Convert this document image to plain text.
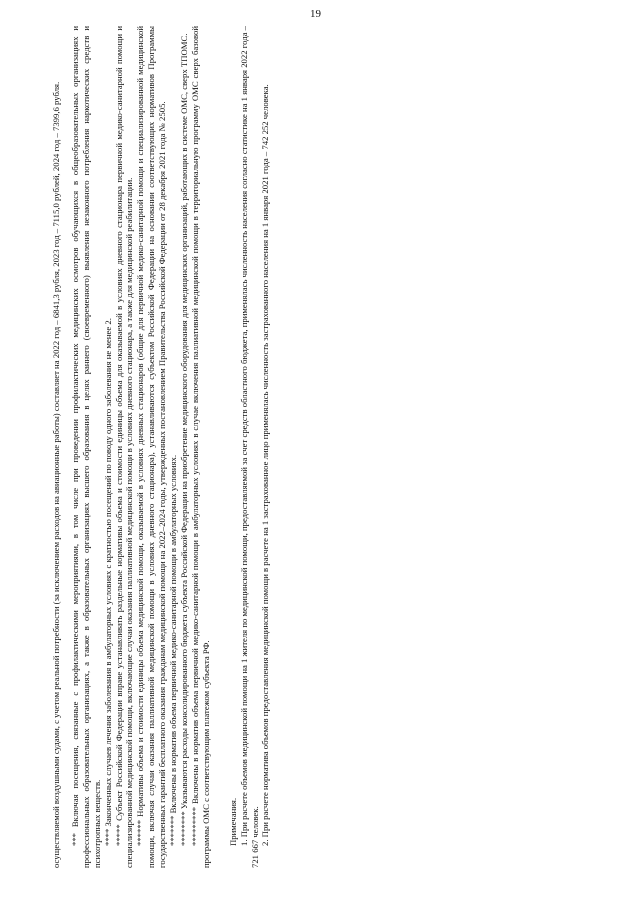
19

осуществляемой воздушными судами, с учетом реальной потребности (за исключением расходов на авиационные работы) составляет на 2022 год – 6841,3 рубля, 2023 год – 7115,0 рублей, 2024 год – 7399,6 рубля. *** Включая посещения, связанные с профилактическими мероприятиями, в том числе при проведении профилактических медицинских осмотров обучающихся в общеобразовательных организациях и профессиональных образовательных организациях, а также в образовательных организациях высшего образования в целях раннего (своевременного) выявления незаконного потребления наркотических средств и психотропных веществ. **** Законченных случаев лечения заболевания в амбулаторных условиях с кратностью посещений по поводу одного заболевания не менее 2. ***** Субъект Российской Федерации вправе устанавливать раздельные нормативы объема и стоимости единицы объема для оказываемой в условиях дневного стационара первичной медико-санитарной помощи и специализированной медицинской помощи, включающие случаи оказания паллиативной медицинской помощи в условиях дневного стационара, а также для медицинской реабилитации. ****** Нормативы объема и стоимости единицы объема медицинской помощи, оказываемой в условиях дневных стационаров (общие для первичной медико-санитарной помощи и специализированной медицинской помощи, включая случаи оказания паллиативной медицинской помощи в условиях дневного стационара), устанавливаются субъектом Российской Федерации на основании соответствующих нормативов Программы государственных гарантий бесплатного оказания гражданам медицинской помощи на 2022–2024 годы, утвержденных постановлением Правительства Российской Федерации от 28 декабря 2021 года № 2505. ******* Включены в норматив объема первичной медико-санитарной помощи в амбулаторных условиях. ******** Указываются расходы консолидированного бюджета субъекта Российской Федерации на приобретение медицинского оборудования для медицинских организаций, работающих в системе ОМС, сверх ТПОМС. ********* Включены в норматив объема первичной медико-санитарной помощи в амбулаторных условиях в случае включения паллиативной медицинской помощи в территориальную программу ОМС сверх базовой программы ОМС с соответствующим платежом субъекта РФ. Примечания. 1. При расчете объемов медицинской помощи на 1 жителя по медицинской помощи, предоставляемой за счет средств областного бюджета, применялась численность населения согласно статистике на 1 января 2022 года – 721 667 человек. 2. При расчете норматива объемов предоставления медицинской помощи в расчете на 1 застрахованное лицо применялась численность застрахованного населения на 1 января 2021 года – 742 252 человека.
